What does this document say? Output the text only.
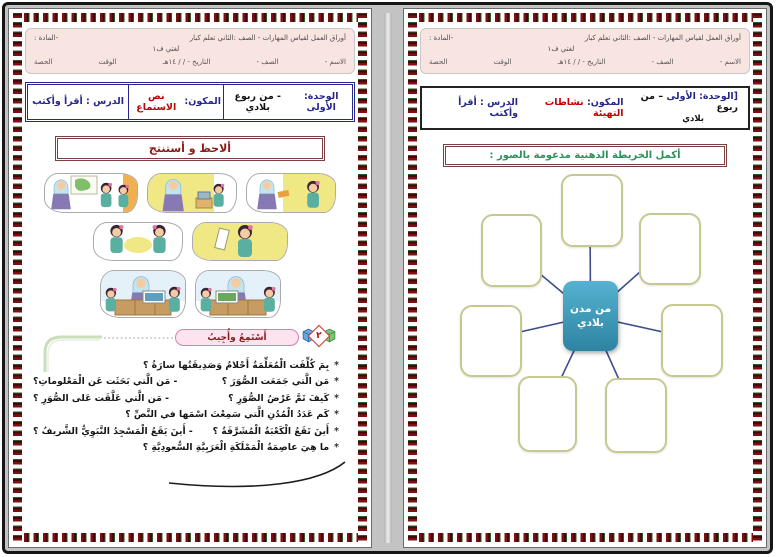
أوراق العمل لقياس المهارات - الصف :الثاني تعلم كبار
-المادة :
لغتي ف١
الاسم -
الصف -
التاريخ - / / ١٤هـ
الوقت
الحصة
الوحدة: الأولى
- من ربوع بلادي
المكون:
نص الاستماع
الدرس : أقرأ وأكتب
ألاحظ و أستنتج
أَسْتَمِعُ وأُجِيبُ	٢
*بِمَ كُلِّفَت الْمُعَلِّمَةُ أَحْلامُ وَصَدِيقَتُها سارَةُ ؟
*مَن الَّتي جَمَعَت الصُّوَرَ ؟
- مَن الَّتي بَحَثَت عَن الْمَعْلوماتِ؟
*كَيفَ تَمَّ عَرْضُ الصُّوَرِ ؟
- مَن الَّتي عَلَّقَت عَلى الصُّوَرِ ؟
*كَم عَدَدُ الْمُدُنِ الَّتي سَمِعْتَ اسْمَها في النَّصِّ ؟
*أَينَ تَقَعُ الْكَعْبَةُ الْمُشَرَّفَةُ ؟
- أَينَ يَقَعُ الْمَسْجِدُ النَّبَوِيُّ الشَّريفُ ؟
*ما هِيَ عاصِمَةُ الْمَمْلَكَةِ الْعَرَبِيَّةِ السُّعودِيَّةِ ؟
أوراق العمل لقياس المهارات - الصف :الثاني تعلم كبار
-المادة :
لغتي ف١
الاسم -
الصف -
التاريخ - / / ١٤هـ
الوقت
الحصة
[الوحدة: الأولى – من ربوع
بلادي
المكون: نشاطات التهيئة
الدرس : أقرأ وأكتب
أكمل الخريطة الذهنية مدعومة بالصور :
من مدن
بلادي
